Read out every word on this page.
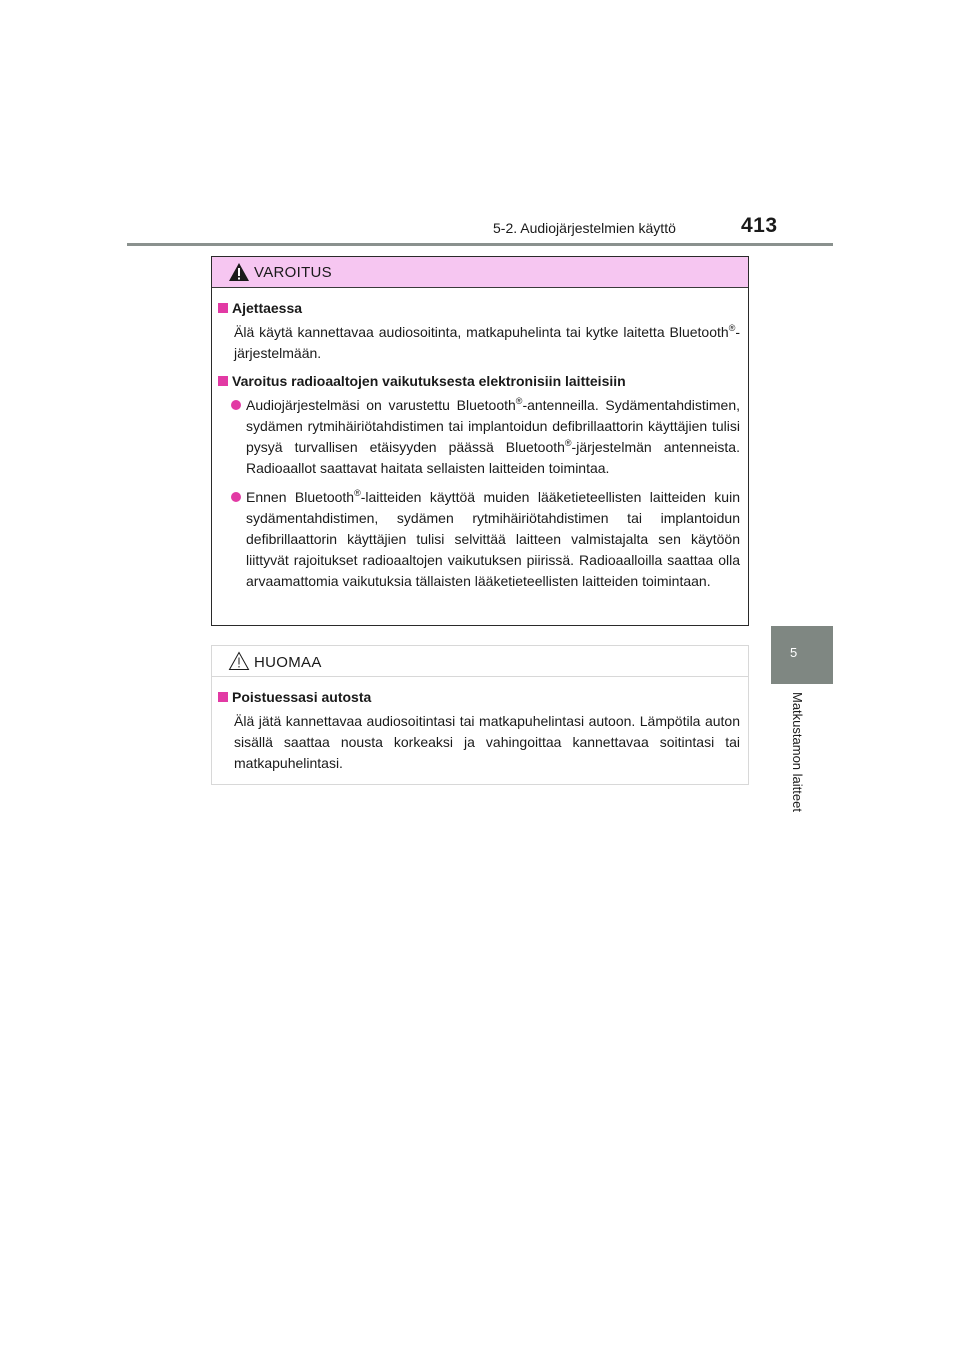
5-2. Audiojärjestelmien käyttö	413
5
Matkustamon laitteet
VAROITUS
Ajettaessa
Älä käytä kannettavaa audiosoitinta, matkapuhelinta tai kytke laitetta Bluetooth®-järjestelmään.
Varoitus radioaaltojen vaikutuksesta elektronisiin laitteisiin
Audiojärjestelmäsi on varustettu Bluetooth®-antenneilla. Sydämentahdistimen, sydämen rytmihäiriötahdistimen tai implantoidun defibrillaattorin käyttäjien tulisi pysyä turvallisen etäisyyden päässä Bluetooth®-järjestelmän antenneista. Radioaallot saattavat haitata sellaisten laitteiden toimintaa.
Ennen Bluetooth®-laitteiden käyttöä muiden lääketieteellisten laitteiden kuin sydämentahdistimen, sydämen rytmihäiriötahdistimen tai implantoidun defibrillaattorin käyttäjien tulisi selvittää laitteen valmistajalta sen käytöön liittyvät rajoitukset radioaaltojen vaikutuksen piirissä. Radioaalloilla saattaa olla arvaamattomia vaikutuksia tällaisten lääketieteellisten laitteiden toimintaan.
HUOMAA
Poistuessasi autosta
Älä jätä kannettavaa audiosoitintasi tai matkapuhelintasi autoon. Lämpötila auton sisällä saattaa nousta korkeaksi ja vahingoittaa kannettavaa soitintasi tai matkapuhelintasi.
